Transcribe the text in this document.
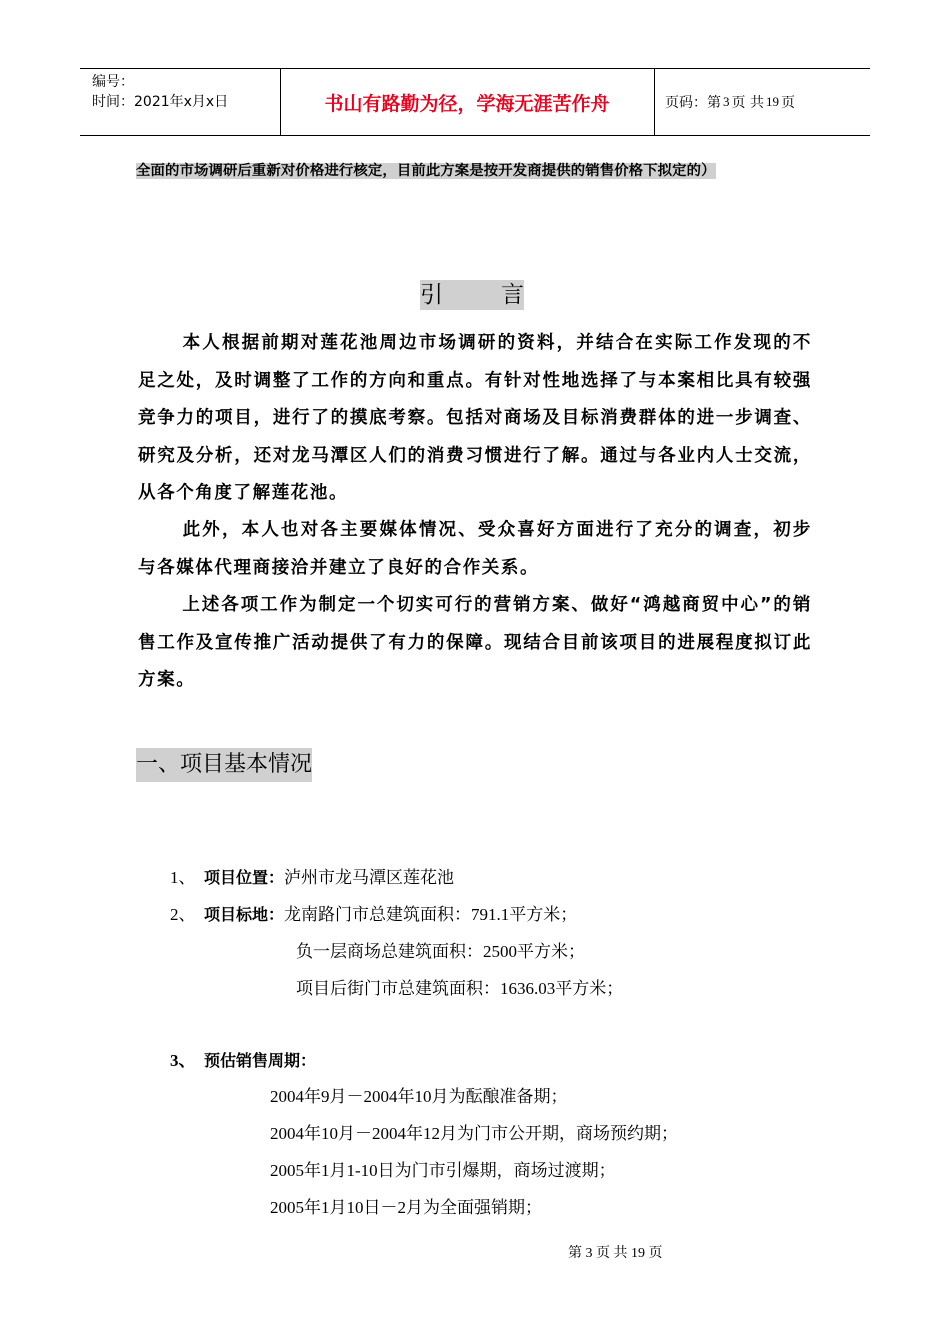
编号：
时间：2021年x月x日	书山有路勤为径，学海无涯苦作舟	页码：第 3 页 共 19 页
全面的市场调研后重新对价格进行核定，目前此方案是按开发商提供的销售价格下拟定的）
引	言

本人根据前期对莲花池周边市场调研的资料，并结合在实际工作发现的不足之处，及时调整了工作的方向和重点。有针对性地选择了与本案相比具有较强竞争力的项目，进行了的摸底考察。包括对商场及目标消费群体的进一步调查、研究及分析，还对龙马潭区人们的消费习惯进行了解。通过与各业内人士交流，从各个角度了解莲花池。

此外，本人也对各主要媒体情况、受众喜好方面进行了充分的调查，初步与各媒体代理商接洽并建立了良好的合作关系。

上述各项工作为制定一个切实可行的营销方案、做好“鸿越商贸中心”的销售工作及宣传推广活动提供了有力的保障。现结合目前该项目的进展程度拟订此方案。

一、项目基本情况
1、 项目位置：泸州市龙马潭区莲花池
2、 项目标地：龙南路门市总建筑面积：791.1平方米；
负一层商场总建筑面积：2500平方米；
项目后街门市总建筑面积：1636.03平方米；
3、 预估销售周期：
2004年9月－2004年10月为酝酿准备期；
2004年10月－2004年12月为门市公开期，商场预约期；
2005年1月1-10日为门市引爆期，商场过渡期；
2005年1月10日－2月为全面强销期；
第 3 页 共 19 页
